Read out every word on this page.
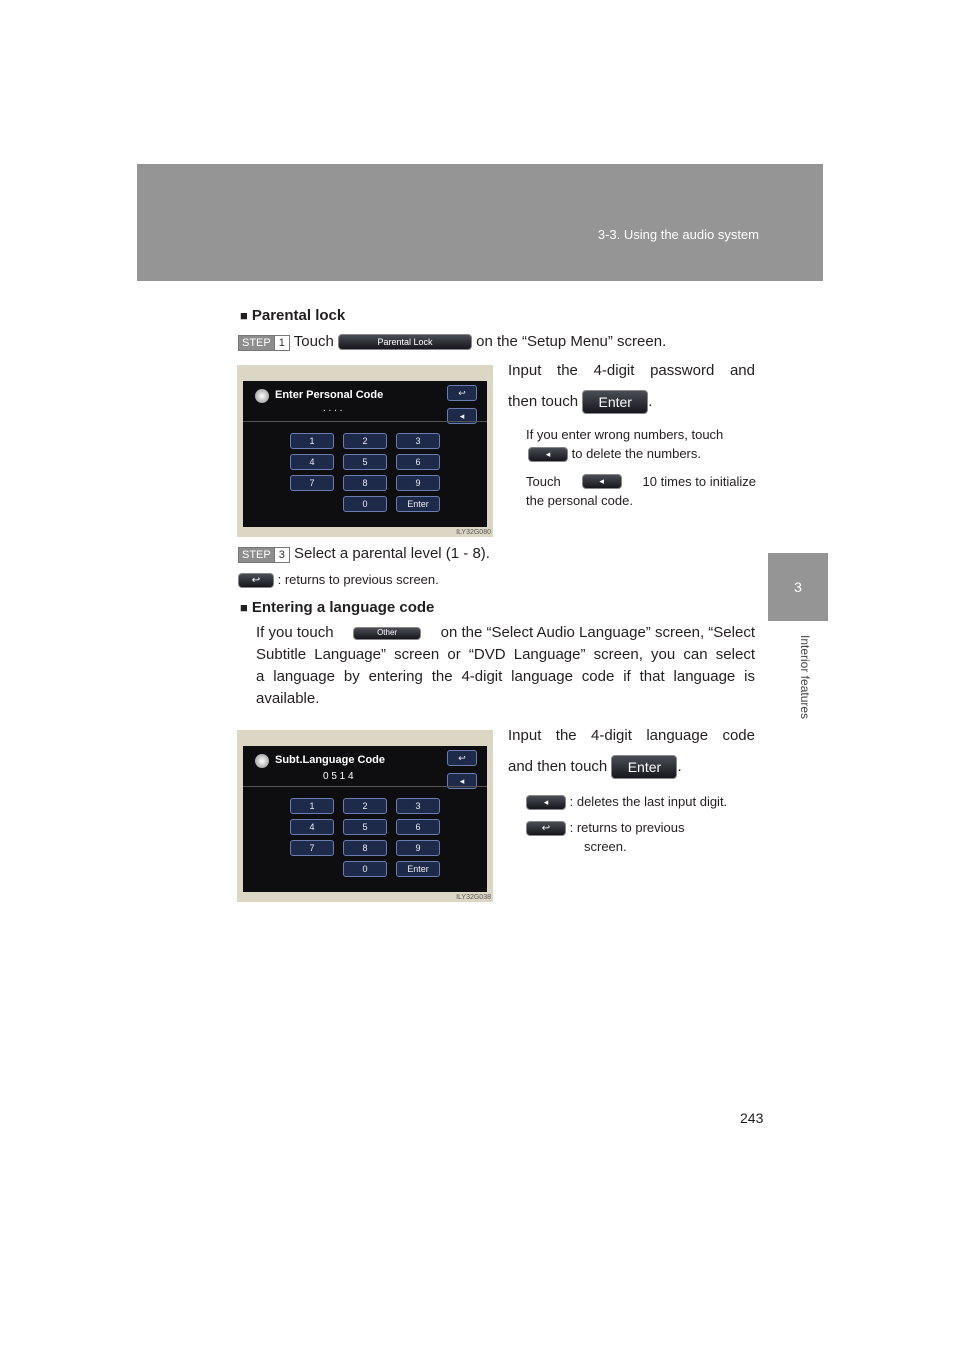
3-3. Using the audio system
3
Interior features
■ Parental lock
STEP 1 Touch	Parental Lock	on the “Setup Menu” screen.
Enter Personal Code	↩
. . . .
◂
1	2	3
4	5	6
7	8	9
0	Enter
ILY32G080
Input the 4-digit password and
then touch Enter .
If you enter wrong numbers, touch
◂ to delete the numbers.
Touch	◂	10 times to initialize
the personal code.
STEP 3 Select a parental level (1 - 8).
↩ : returns to previous screen.
■ Entering a language code
If you touch	Other	on the “Select Audio Language” screen, “Select
Subtitle Language” screen or “DVD Language” screen, you can select
a language by entering the 4-digit language code if that language is
available.
Subt.Language Code	↩
0 5 1 4	◂
1	2	3
4	5	6
7	8	9
0	Enter
ILY32G038
Input the 4-digit language code
and then touch Enter .
◂ : deletes the last input digit.
↩ : returns to previous
screen.
243
